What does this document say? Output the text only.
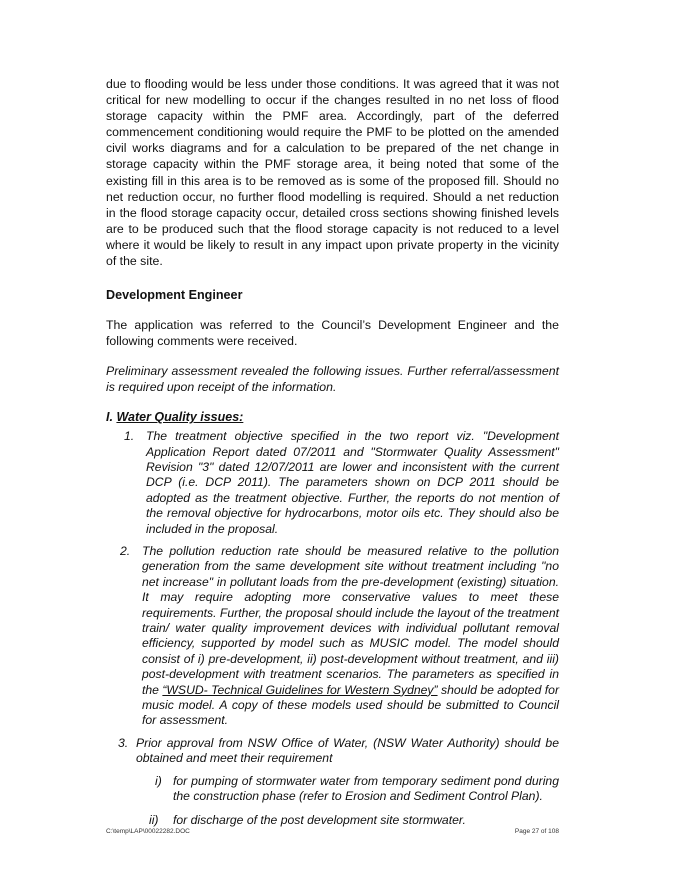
due to flooding would be less under those conditions. It was agreed that it was not critical for new modelling to occur if the changes resulted in no net loss of flood storage capacity within the PMF area. Accordingly, part of the deferred commencement conditioning would require the PMF to be plotted on the amended civil works diagrams and for a calculation to be prepared of the net change in storage capacity within the PMF storage area, it being noted that some of the existing fill in this area is to be removed as is some of the proposed fill. Should no net reduction occur, no further flood modelling is required. Should a net reduction in the flood storage capacity occur, detailed cross sections showing finished levels are to be produced such that the flood storage capacity is not reduced to a level where it would be likely to result in any impact upon private property in the vicinity of the site.

Development Engineer

The application was referred to the Council’s Development Engineer and the following comments were received.

Preliminary assessment revealed the following issues. Further referral/assessment is required upon receipt of the information.

I. Water Quality issues:

1. The treatment objective specified in the two report viz. "Development Application Report dated 07/2011 and "Stormwater Quality Assessment" Revision "3" dated 12/07/2011 are lower and inconsistent with the current DCP (i.e. DCP 2011). The parameters shown on DCP 2011 should be adopted as the treatment objective. Further, the reports do not mention of the removal objective for hydrocarbons, motor oils etc. They should also be included in the proposal.
2. The pollution reduction rate should be measured relative to the pollution generation from the same development site without treatment including "no net increase" in pollutant loads from the pre-development (existing) situation. It may require adopting more conservative values to meet these requirements. Further, the proposal should include the layout of the treatment train/ water quality improvement devices with individual pollutant removal efficiency, supported by model such as MUSIC model. The model should consist of i) pre-development, ii) post-development without treatment, and iii) post-development with treatment scenarios. The parameters as specified in the “WSUD- Technical Guidelines for Western Sydney” should be adopted for music model. A copy of these models used should be submitted to Council for assessment.
3. Prior approval from NSW Office of Water, (NSW Water Authority) should be obtained and meet their requirement
i) for pumping of stormwater water from temporary sediment pond during the construction phase (refer to Erosion and Sediment Control Plan).
ii) for discharge of the post development site stormwater.
C:\temp\LAP\00022282.DOC	Page 27 of 108
